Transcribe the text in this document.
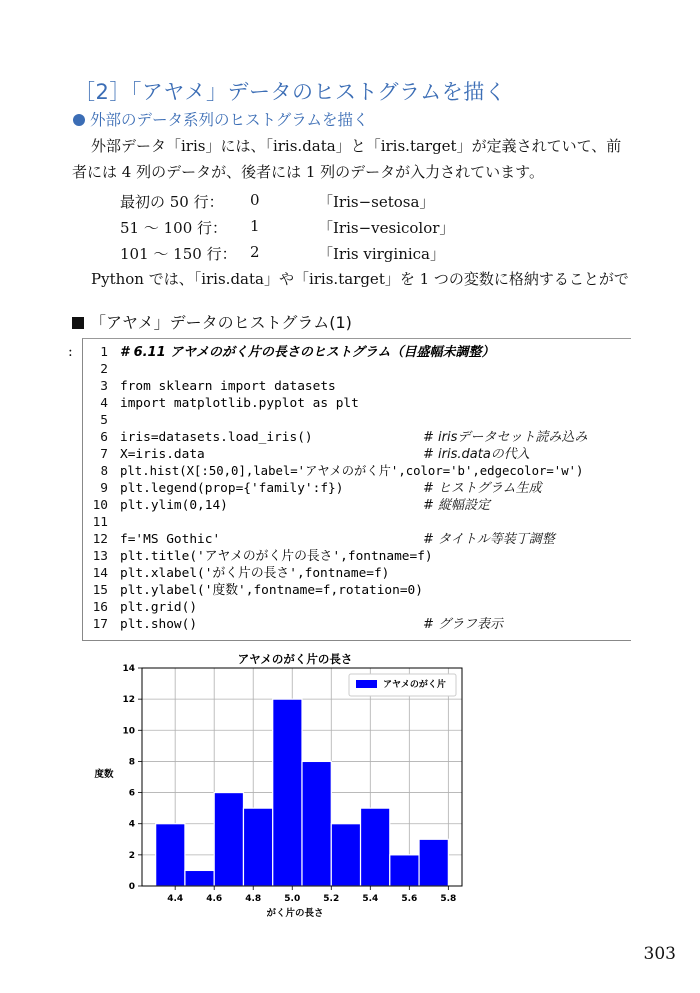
［2］「アヤメ」データのヒストグラムを描く
外部のデータ系列のヒストグラムを描く
外部データ「iris」には、「iris.data」と「iris.target」が定義されていて、前
者には 4 列のデータが、後者には 1 列のデータが入力されています。
最初の 50 行： 0	「Iris−setosa」
51 ～ 100 行： 1	「Iris−vesicolor」
101 ～ 150 行： 2	「Iris virginica」
Python では、「iris.data」や「iris.target」を 1 つの変数に格納することがで
「アヤメ」データのヒストグラム(1)
:	1 # 6.11 アヤメのがく片の長さのヒストグラム（目盛幅未調整）
2
3 from sklearn import datasets
4 import matplotlib.pyplot as plt
5
6 iris=datasets.load_iris()	# irisデータセット読み込み
7 X=iris.data	# iris.dataの代入
8 plt.hist(X[:50,0],label='アヤメのがく片',color='b',edgecolor='w')
9 plt.legend(prop={'family':f})	# ヒストグラム生成
10 plt.ylim(0,14)	# 縦幅設定
11
12 f='MS Gothic'	# タイトル等装丁調整
13 plt.title('アヤメのがく片の長さ',fontname=f)
14 plt.xlabel('がく片の長さ',fontname=f)
15 plt.ylabel('度数',fontname=f,rotation=0)
16 plt.grid()
17 plt.show()	# グラフ表示
アヤメのがく片の長さ
4.4	4.6	4.8	5.0	5.2	5.4	5.6	5.8
0
2
4
6
8
10
12
14
度数
がく片の長さ
アヤメのがく片
303
